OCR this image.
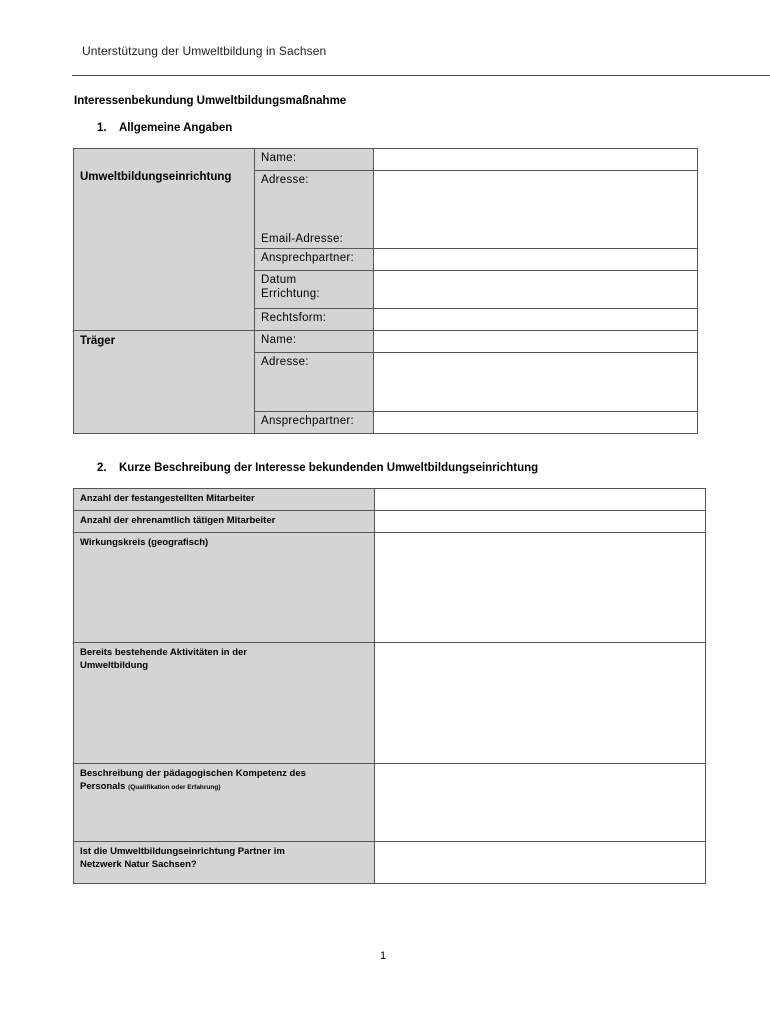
Unterstützung der Umweltbildung in Sachsen
Interessenbekundung Umweltbildungsmaßnahme
1. Allgemeine Angaben
Umweltbildungseinrichtung	Name:	

	Adresse:
Email-Adresse:	

	Ansprechpartner:	

	Datum
Errichtung:	

	Rechtsform:	

Träger	Name:	
	Adresse:	
	Ansprechpartner:	
2. Kurze Beschreibung der Interesse bekundenden Umweltbildungseinrichtung
Anzahl der festangestellten Mitarbeiter	
Anzahl der ehrenamtlich tätigen Mitarbeiter	
Wirkungskreis (geografisch)	

Bereits bestehende Aktivitäten in der
Umweltbildung	

Beschreibung der pädagogischen Kompetenz des
Personals (Qualifikation oder Erfahrung)	

Ist die Umweltbildungseinrichtung Partner im
Netzwerk Natur Sachsen?	

1
